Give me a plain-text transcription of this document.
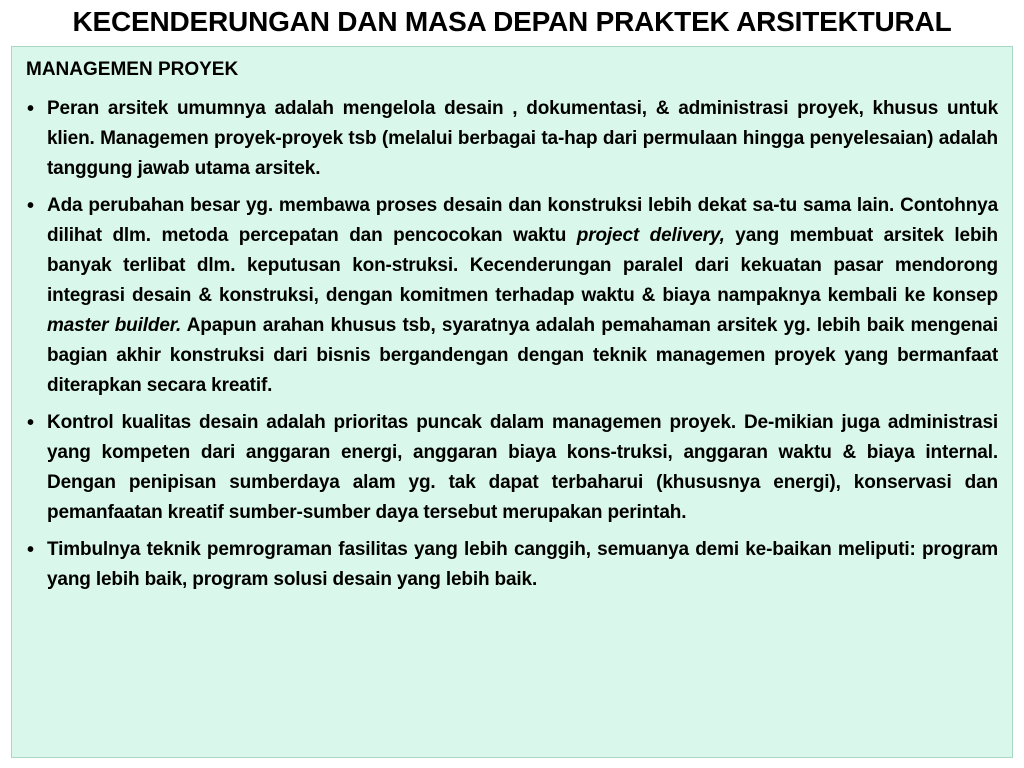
KECENDERUNGAN DAN MASA DEPAN PRAKTEK ARSITEKTURAL
MANAGEMEN PROYEK
• Peran arsitek umumnya adalah mengelola desain , dokumentasi, & administrasi proyek, khusus untuk klien. Managemen proyek-proyek tsb (melalui berbagai ta-hap dari permulaan hingga penyelesaian) adalah tanggung jawab utama arsitek.
• Ada perubahan besar yg. membawa proses desain dan konstruksi lebih dekat sa-tu sama lain. Contohnya dilihat dlm. metoda percepatan dan pencocokan waktu project delivery, yang membuat arsitek lebih banyak terlibat dlm. keputusan kon-struksi. Kecenderungan paralel dari kekuatan pasar mendorong integrasi desain & konstruksi, dengan komitmen terhadap waktu & biaya nampaknya kembali ke konsep master builder. Apapun arahan khusus tsb, syaratnya adalah pemahaman arsitek yg. lebih baik mengenai bagian akhir konstruksi dari bisnis bergandengan dengan teknik managemen proyek yang bermanfaat diterapkan secara kreatif.
• Kontrol kualitas desain adalah prioritas puncak dalam managemen proyek. De-mikian juga administrasi yang kompeten dari anggaran energi, anggaran biaya kons-truksi, anggaran waktu & biaya internal. Dengan penipisan sumberdaya alam yg. tak dapat terbaharui (khususnya energi), konservasi dan pemanfaatan kreatif sumber-sumber daya tersebut merupakan perintah.
• Timbulnya teknik pemrograman fasilitas yang lebih canggih, semuanya demi ke-baikan meliputi: program yang lebih baik, program solusi desain yang lebih baik.
